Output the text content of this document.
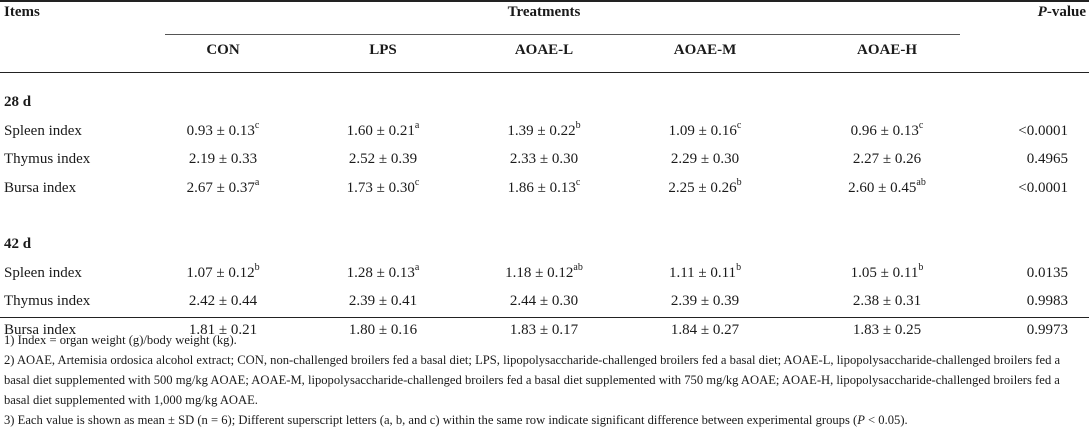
Items	Treatments	P-value
CON	LPS	AOAE-L	AOAE-M	AOAE-H
28 d
Spleen index	0.93 ± 0.13$^c$	1.60 ± 0.21$^a$	1.39 ± 0.22$^b$	1.09 ± 0.16$^c$	0.96 ± 0.13$^c$	<0.0001
Thymus index	2.19 ± 0.33	2.52 ± 0.39	2.33 ± 0.30	2.29 ± 0.30	2.27 ± 0.26	0.4965
Bursa index	2.67 ± 0.37$^a$	1.73 ± 0.30$^c$	1.86 ± 0.13$^c$	2.25 ± 0.26$^b$	2.60 ± 0.45$^{ab}$	<0.0001
42 d
Spleen index	1.07 ± 0.12$^b$	1.28 ± 0.13$^a$	1.18 ± 0.12$^{ab}$	1.11 ± 0.11$^b$	1.05 ± 0.11$^b$	0.0135
Thymus index	2.42 ± 0.44	2.39 ± 0.41	2.44 ± 0.30	2.39 ± 0.39	2.38 ± 0.31	0.9983
Bursa index	1.81 ± 0.21	1.80 ± 0.16	1.83 ± 0.17	1.84 ± 0.27	1.83 ± 0.25	0.9973

1) Index = organ weight (g)/body weight (kg).

2) AOAE, Artemisia ordosica alcohol extract; CON, non-challenged broilers fed a basal diet; LPS, lipopolysaccharide-challenged broilers fed a basal diet; AOAE-L, lipopolysaccharide-challenged broilers fed a basal diet supplemented with 500 mg/kg AOAE; AOAE-M, lipopolysaccharide-challenged broilers fed a basal diet supplemented with 750 mg/kg AOAE; AOAE-H, lipopolysaccharide-challenged broilers fed a basal diet supplemented with 1,000 mg/kg AOAE.

3) Each value is shown as mean ± SD (n = 6); Different superscript letters (a, b, and c) within the same row indicate significant difference between experimental groups (P < 0.05).
